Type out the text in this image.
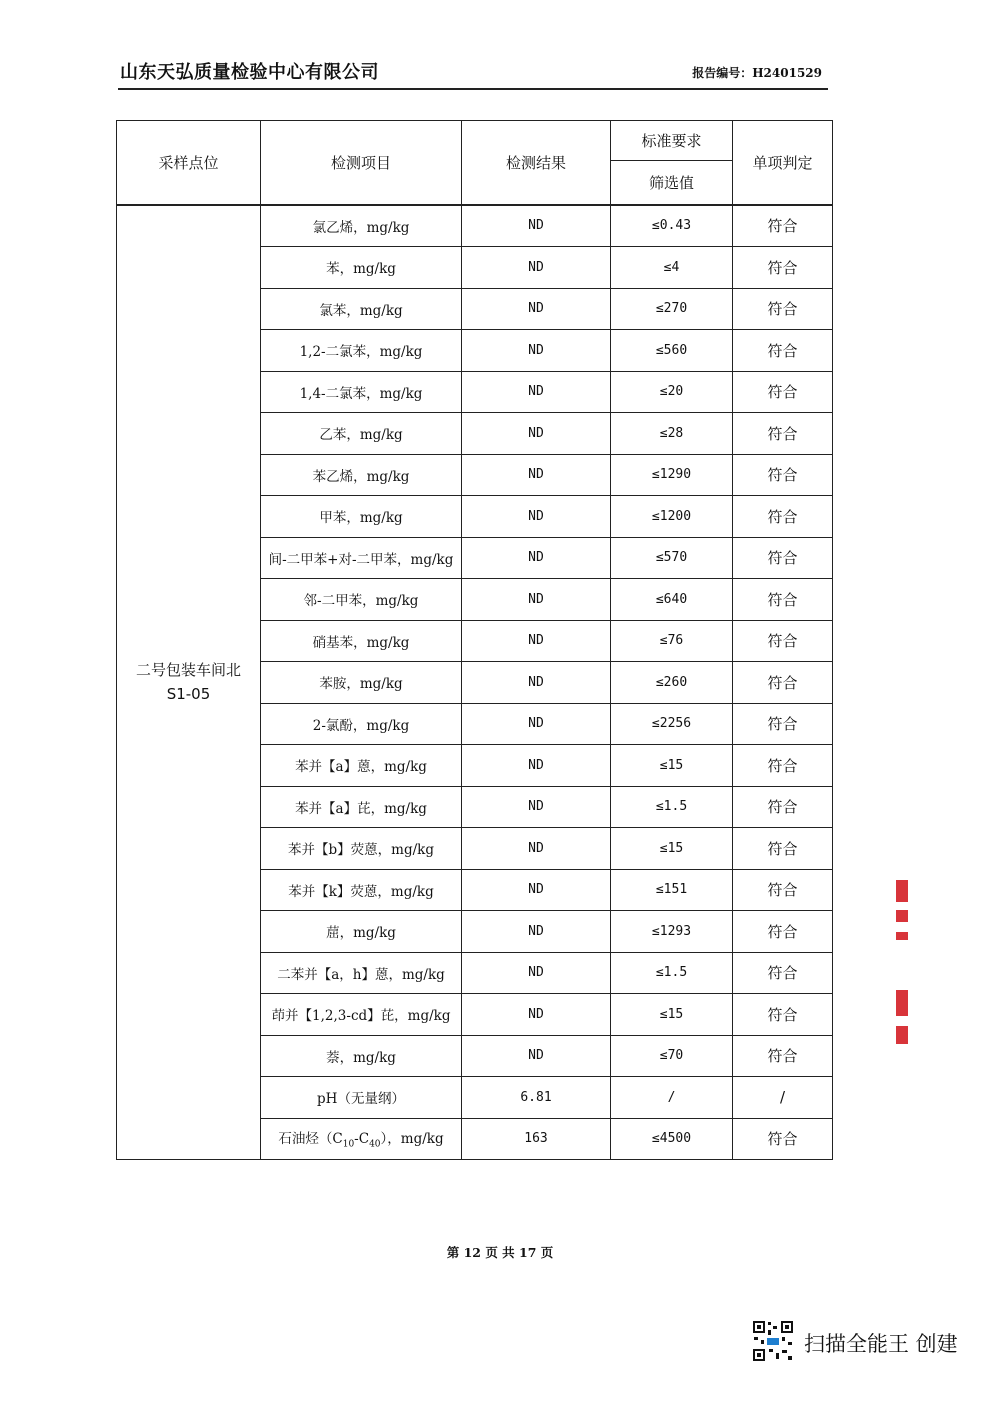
山东天弘质量检验中心有限公司	报告编号：H2401529
采样点位	检测项目	检测结果	标准要求	单项判定
			筛选值	
二号包装车间北
S1-05	氯乙烯，mg/kg	ND	≤0.43	符合
	苯，mg/kg	ND	≤4	符合
	氯苯，mg/kg	ND	≤270	符合
	1,2-二氯苯，mg/kg	ND	≤560	符合
	1,4-二氯苯，mg/kg	ND	≤20	符合
	乙苯，mg/kg	ND	≤28	符合
	苯乙烯，mg/kg	ND	≤1290	符合
	甲苯，mg/kg	ND	≤1200	符合
	间-二甲苯+对-二甲苯，mg/kg	ND	≤570	符合
	邻-二甲苯，mg/kg	ND	≤640	符合
	硝基苯，mg/kg	ND	≤76	符合
	苯胺，mg/kg	ND	≤260	符合
	2-氯酚，mg/kg	ND	≤2256	符合
	苯并【a】蒽，mg/kg	ND	≤15	符合
	苯并【a】芘，mg/kg	ND	≤1.5	符合
	苯并【b】荧蒽，mg/kg	ND	≤15	符合
	苯并【k】荧蒽，mg/kg	ND	≤151	符合
	䓛，mg/kg	ND	≤1293	符合
	二苯并【a，h】蒽，mg/kg	ND	≤1.5	符合
	茚并【1,2,3-cd】芘，mg/kg	ND	≤15	符合
	萘，mg/kg	ND	≤70	符合
	pH（无量纲）	6.81	/	/
	石油烃$(C_{10}-C_{40})$，mg/kg	163	≤4500	符合
第 12 页 共 17 页
扫描全能王 创建
